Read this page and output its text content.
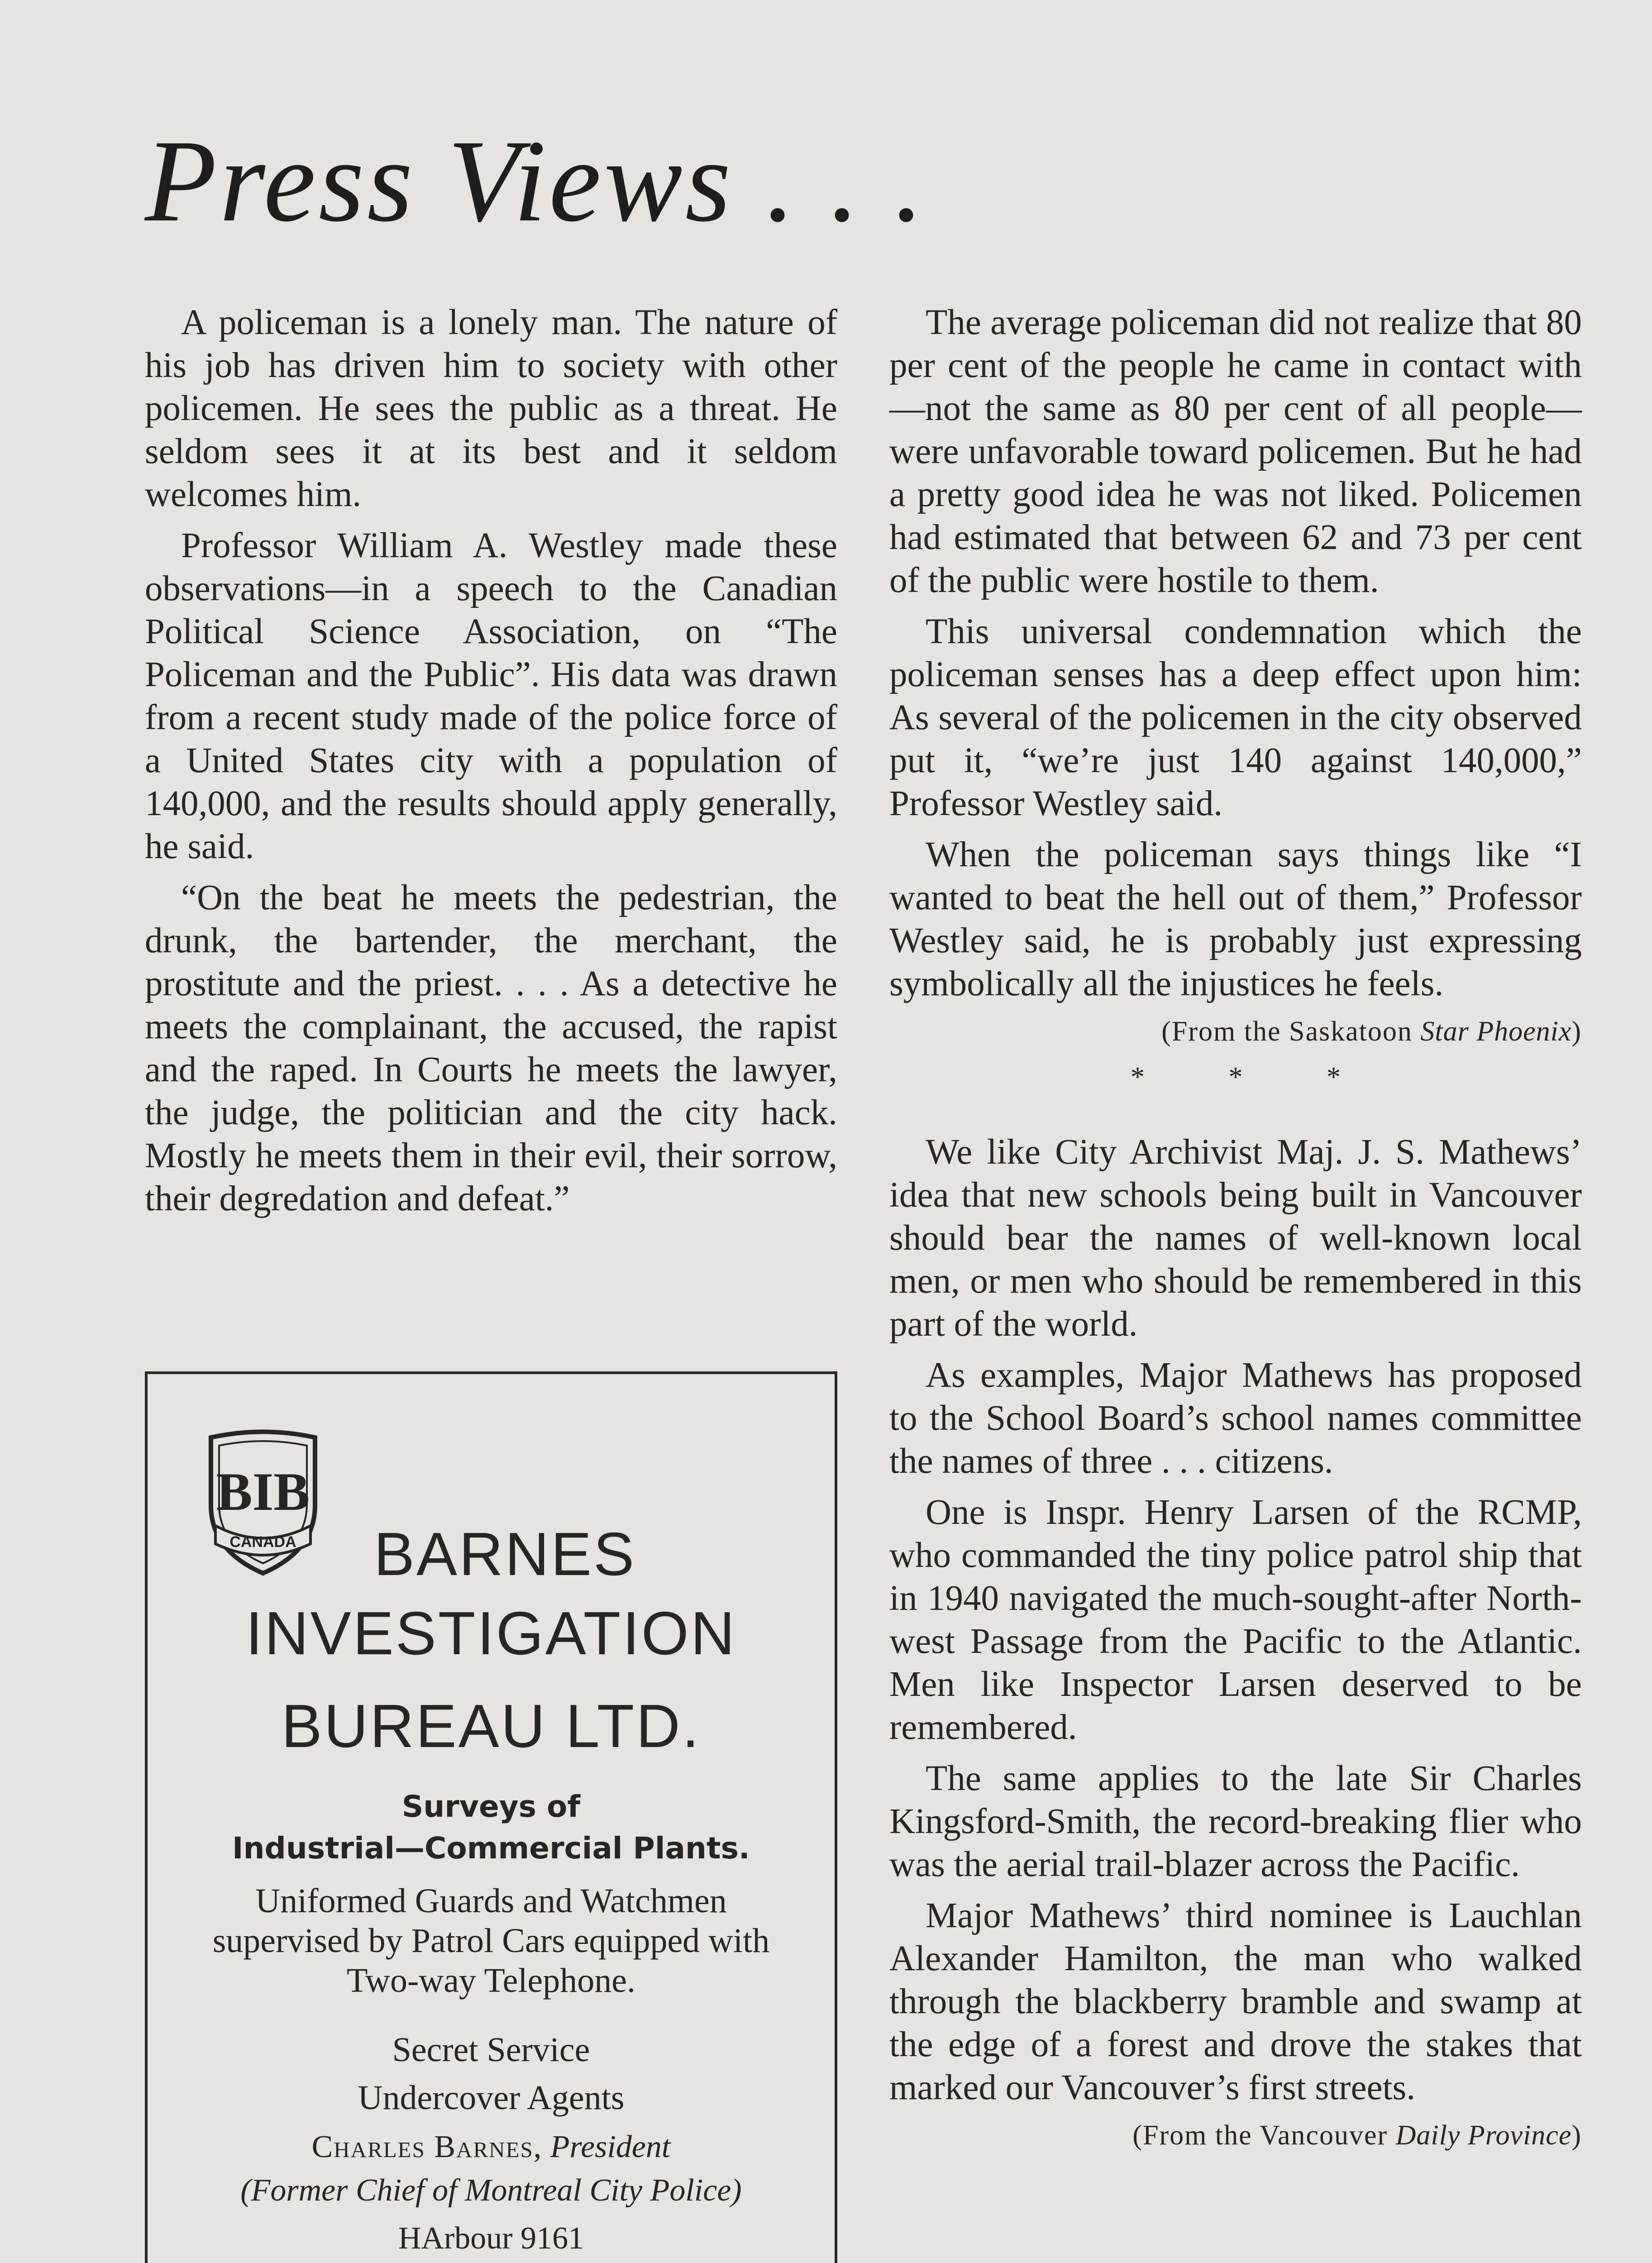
Press Views . . .

A policeman is a lonely man. The nature of his job has driven him to society with other policemen. He sees the public as a threat. He seldom sees it at its best and it seldom welcomes him.

Professor William A. Westley made these observations—in a speech to the Canadian Political Science Association, on “The Policeman and the Public”. His data was drawn from a recent study made of the police force of a United States city with a population of 140,000, and the results should apply generally, he said.

“On the beat he meets the pedestrian, the drunk, the bartender, the merchant, the prostitute and the priest. . . . As a detective he meets the complainant, the accused, the rapist and the raped. In Courts he meets the lawyer, the judge, the politician and the city hack. Mostly he meets them in their evil, their sorrow, their degredation and defeat.”

BIB
CANADA BARNES
INVESTIGATION
BUREAU LTD.
Surveys of
Industrial—Commercial Plants.
Uniformed Guards and Watchmen supervised by Patrol Cars equipped with Two-way Telephone.
Secret Service
Undercover Agents
Charles Barnes, President
(Former Chief of Montreal City Police)
HArbour 9161

The average policeman did not realize that 80 per cent of the people he came in contact with—not the same as 80 per cent of all people—were unfavorable toward policemen. But he had a pretty good idea he was not liked. Policemen had estimated that between 62 and 73 per cent of the public were hostile to them.

This universal condemnation which the policeman senses has a deep effect upon him: As several of the policemen in the city observed put it, “we’re just 140 against 140,000,” Professor Westley said.

When the policeman says things like “I wanted to beat the hell out of them,” Professor Westley said, he is probably just expressing symbolically all the injustices he feels.

(From the Saskatoon Star Phoenix)
* * *

We like City Archivist Maj. J. S. Mathews’ idea that new schools being built in Vancouver should bear the names of well-known local men, or men who should be remembered in this part of the world.

As examples, Major Mathews has proposed to the School Board’s school names committee the names of three . . . citizens.

One is Inspr. Henry Larsen of the RCMP, who commanded the tiny police patrol ship that in 1940 navigated the much-sought-after North-west Passage from the Pacific to the Atlantic. Men like Inspector Larsen deserved to be remembered.

The same applies to the late Sir Charles Kingsford-Smith, the record-breaking flier who was the aerial trail-blazer across the Pacific.

Major Mathews’ third nominee is Lauchlan Alexander Hamilton, the man who walked through the blackberry bramble and swamp at the edge of a forest and drove the stakes that marked our Vancouver’s first streets.

(From the Vancouver Daily Province)
